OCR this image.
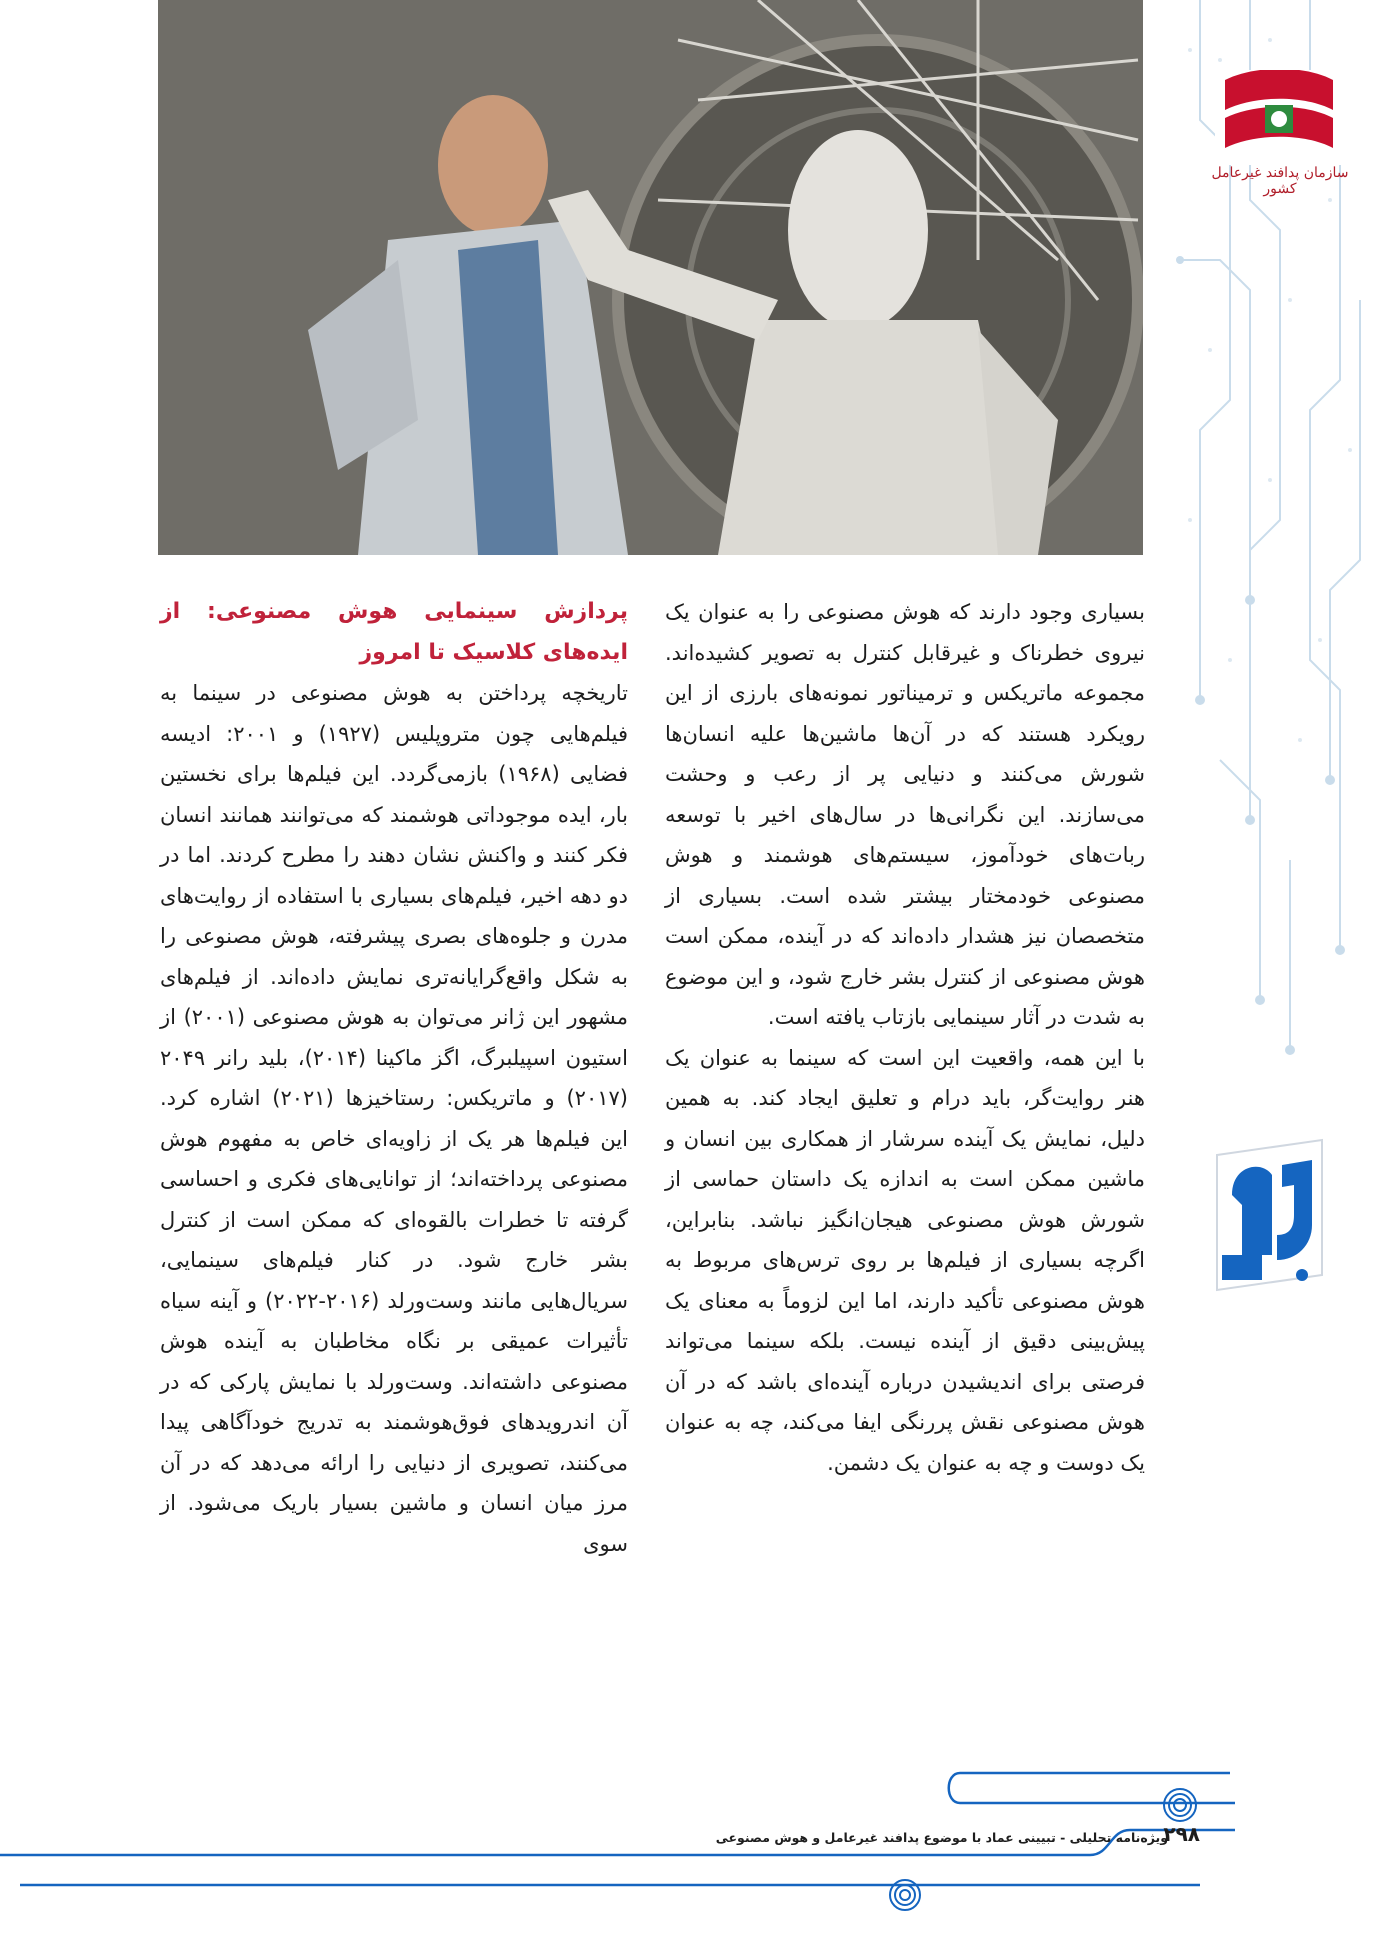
سازمان پدافند غیرعامل کشور

بسیاری وجود دارند که هوش مصنوعی را به عنوان یک نیروی خطرناک و غیرقابل کنترل به تصویر کشیده‌اند. مجموعه ماتریکس و ترمیناتور نمونه‌های بارزی از این رویکرد هستند که در آن‌ها ماشین‌ها علیه انسان‌ها شورش می‌کنند و دنیایی پر از رعب و وحشت می‌سازند. این نگرانی‌ها در سال‌های اخیر با توسعه ربات‌های خودآموز، سیستم‌های هوشمند و هوش مصنوعی خودمختار بیشتر شده است. بسیاری از متخصصان نیز هشدار داده‌اند که در آینده، ممکن است هوش مصنوعی از کنترل بشر خارج شود، و این موضوع به شدت در آثار سینمایی بازتاب یافته است.

با این همه، واقعیت این است که سینما به عنوان یک هنر روایت‌گر، باید درام و تعلیق ایجاد کند. به همین دلیل، نمایش یک آینده سرشار از همکاری بین انسان و ماشین ممکن است به اندازه یک داستان حماسی از شورش هوش مصنوعی هیجان‌انگیز نباشد. بنابراین، اگرچه بسیاری از فیلم‌ها بر روی ترس‌های مربوط به هوش مصنوعی تأکید دارند، اما این لزوماً به معنای یک پیش‌بینی دقیق از آینده نیست. بلکه سینما می‌تواند فرصتی برای اندیشیدن درباره آینده‌ای باشد که در آن هوش مصنوعی نقش پررنگی ایفا می‌کند، چه به عنوان یک دوست و چه به عنوان یک دشمن.

پردازش سینمایی هوش مصنوعی: از ایده‌های کلاسیک تا امروز

تاریخچه پرداختن به هوش مصنوعی در سینما به فیلم‌هایی چون متروپلیس (۱۹۲۷) و ۲۰۰۱: ادیسه فضایی (۱۹۶۸) بازمی‌گردد. این فیلم‌ها برای نخستین بار، ایده موجوداتی هوشمند که می‌توانند همانند انسان فکر کنند و واکنش نشان دهند را مطرح کردند. اما در دو دهه اخیر، فیلم‌های بسیاری با استفاده از روایت‌های مدرن و جلوه‌های بصری پیشرفته، هوش مصنوعی را به شکل واقع‌گرایانه‌تری نمایش داده‌اند. از فیلم‌های مشهور این ژانر می‌توان به هوش مصنوعی (۲۰۰۱) از استیون اسپیلبرگ، اگز ماکینا (۲۰۱۴)، بلید رانر ۲۰۴۹ (۲۰۱۷) و ماتریکس: رستاخیزها (۲۰۲۱) اشاره کرد. این فیلم‌ها هر یک از زاویه‌ای خاص به مفهوم هوش مصنوعی پرداخته‌اند؛ از توانایی‌های فکری و احساسی گرفته تا خطرات بالقوه‌ای که ممکن است از کنترل بشر خارج شود. در کنار فیلم‌های سینمایی، سریال‌هایی مانند وست‌ورلد (۲۰۱۶-۲۰۲۲) و آینه سیاه تأثیرات عمیقی بر نگاه مخاطبان به آینده هوش مصنوعی داشته‌اند. وست‌ورلد با نمایش پارکی که در آن اندرویدهای فوق‌هوشمند به تدریج خودآگاهی پیدا می‌کنند، تصویری از دنیایی را ارائه می‌دهد که در آن مرز میان انسان و ماشین بسیار باریک می‌شود. از سوی

ویژه‌نامه تحلیلی - تبیینی عماد با موضوع پدافند غیرعامل و هوش مصنوعی
۲۹۸
